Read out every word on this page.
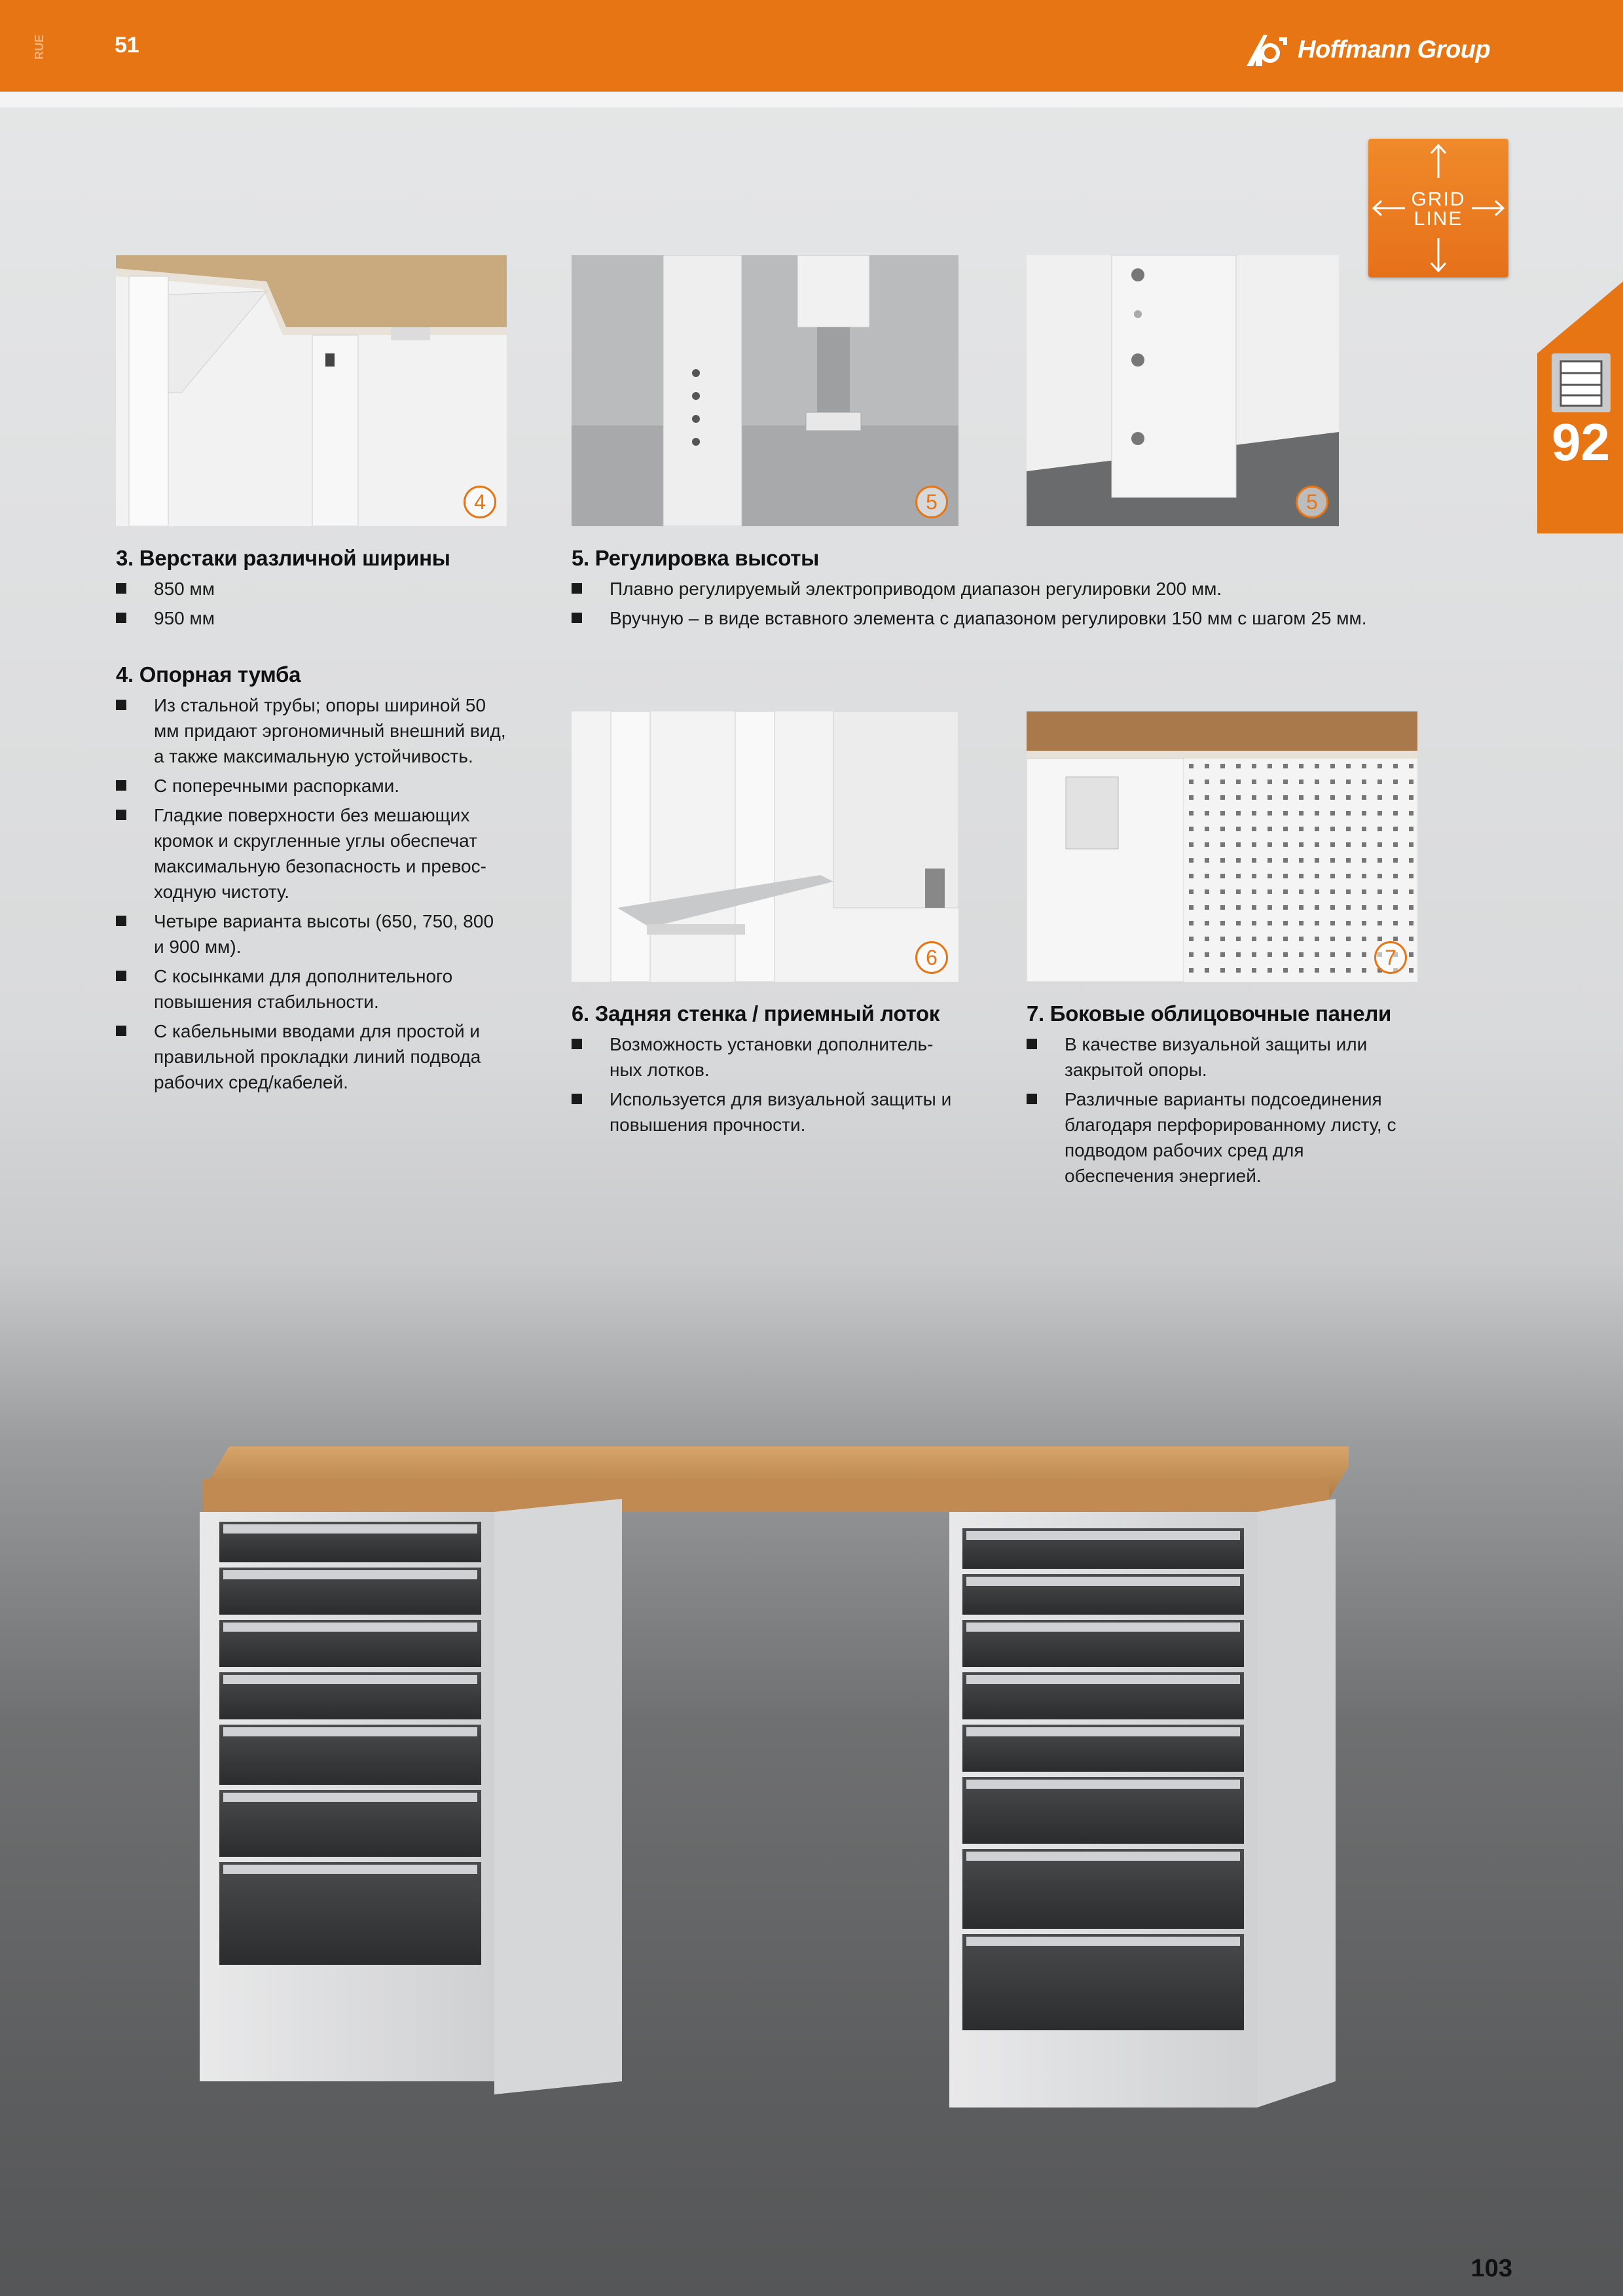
RUE	51	Hoffmann Group
GRID
LINE
92
4	5	5
3. Верстаки различной ширины
850 мм
950 мм
5. Регулировка высоты
Плавно регулируемый электроприводом диапазон регулировки 200 мм.
Вручную – в виде вставного элемента с диапазоном регулировки 150 мм с шагом 25 мм.
4. Опорная тумба
Из стальной трубы; опоры шириной 50 мм придают эргономичный внешний вид, а также максимальную устойчивость.
С поперечными распорками.
Гладкие поверхности без мешающих кромок и скругленные углы обеспечат максимальную безопасность и превосходную чистоту.
Четыре варианта высоты (650, 750, 800 и 900 мм).
С косынками для дополнительного повышения стабильности.
С кабельными вводами для простой и правильной прокладки линий подвода рабочих сред/кабелей.
6	7
6. Задняя стенка / приемный лоток
Возможность установки дополнительных лотков.
Используется для визуальной защиты и повышения прочности.
7. Боковые облицовочные панели
В качестве визуальной защиты или закрытой опоры.
Различные варианты подсоединения благодаря перфорированному листу, с подводом рабочих сред для обеспечения энергией.
103
